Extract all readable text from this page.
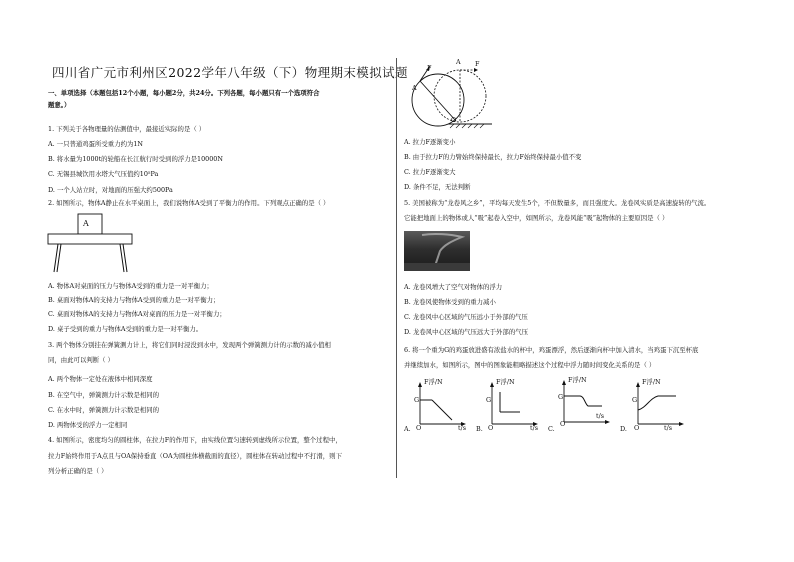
四川省广元市利州区2022学年八年级（下）物理期末模拟试题
一、单项选择（本题包括12个小题，每小题2分，共24分。下列各题，每小题只有一个选项符合
题意。）
1. 下列关于各物理量的估测值中，最接近实际的是（ ）
A. 一只普通鸡蛋所受重力约为1N
B. 将水量为1000t的轮船在长江航行时受到的浮力是10000N
C. 无锡县城饮用水塔大气压值约10⁵Pa
D. 一个人站立时，对地面的压强大约500Pa
2. 如图所示，物体A静止在水平桌面上，我们说物体A受到了平衡力的作用。下列观点正确的是（ ）
A
A. 物体A对桌面的压力与物体A受到的重力是一对平衡力；
B. 桌面对物体A的支持力与物体A受到的重力是一对平衡力；
C. 桌面对物体A的支持力与物体A对桌面的压力是一对平衡力；
D. 桌子受到的重力与物体A受到的重力是一对平衡力。
3. 两个物体分别挂在弹簧测力计上，将它们同时浸没到水中，发现两个弹簧测力计的示数的减小值相
同，由此可以判断（ ）
A. 两个物体一定处在液体中相同深度
B. 在空气中，弹簧测力计示数是相同的
C. 在水中时，弹簧测力计示数是相同的
D. 两物体受的浮力一定相同
4. 如图所示，密度均匀的圆柱体，在拉力F的作用下，由实线位置匀速转到虚线所示位置，整个过程中，
拉力F始终作用于A点且与OA保持垂直（OA为圆柱体横截面的直径），圆柱体在转动过程中不打滑，则下
列分析正确的是（ ）
F	F
A
A
O
A. 拉力F逐渐变小
B. 由于拉力F的力臂始终保持最长，拉力F始终保持最小值不变
C. 拉力F逐渐变大
D. 条件不足，无法判断
5. 美国被称为“龙卷风之乡”，平均每天发生5个，不但数量多，而且强度大。龙卷风实质是高速旋转的气流。
它能把地面上的物体或人“吸”起卷入空中，如图所示，龙卷风能“吸”起物体的主要原因是（ ）
A. 龙卷风增大了空气对物体的浮力
B. 龙卷风使物体受到的重力减小
C. 龙卷风中心区域的气压远小于外部的气压
D. 龙卷风中心区域的气压远大于外部的气压
6. 将一个重为G的鸡蛋放进盛有浓盐水的杯中，鸡蛋漂浮，然后逐渐向杯中加入清水，当鸡蛋下沉至杯底
并继续加水，如图所示，图中的图象能粗略描述这个过程中浮力随时间变化关系的是（ ）
F浮/N
G
O	t/s
A.
F浮/N
G
O	t/s
B.
F浮/N
G
O
t/s
C.
F浮/N
G
O	t/s
D.
